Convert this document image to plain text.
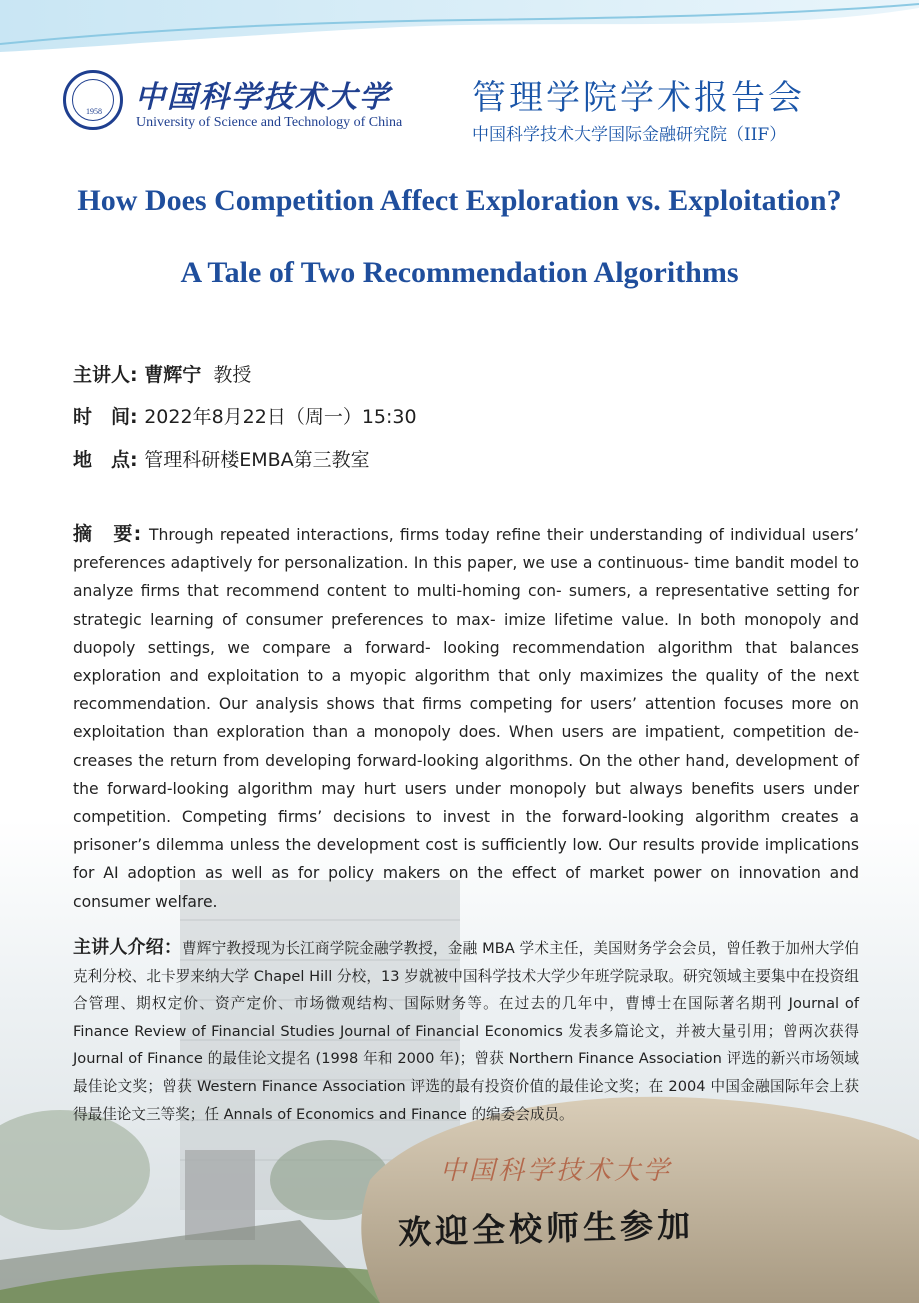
1958	中国科学技术大学
University of Science and Technology of China
管理学院学术报告会
中国科学技术大学国际金融研究院（IIF）
How Does Competition Affect Exploration vs. Exploitation?
A Tale of Two Recommendation Algorithms
主讲人: 曹辉宁 教授
时　间: 2022年8月22日（周一）15:30
地　点: 管理科研楼EMBA第三教室
摘　要: Through repeated interactions, firms today refine their understanding of individual users’ preferences adaptively for personalization. In this paper, we use a continuous- time bandit model to analyze firms that recommend content to multi-homing con- sumers, a representative setting for strategic learning of consumer preferences to max- imize lifetime value. In both monopoly and duopoly settings, we compare a forward- looking recommendation algorithm that balances exploration and exploitation to a myopic algorithm that only maximizes the quality of the next recommendation. Our analysis shows that firms competing for users’ attention focuses more on exploitation than exploration than a monopoly does. When users are impatient, competition de- creases the return from developing forward-looking algorithms. On the other hand, development of the forward-looking algorithm may hurt users under monopoly but always benefits users under competition. Competing firms’ decisions to invest in the forward-looking algorithm creates a prisoner’s dilemma unless the development cost is sufficiently low. Our results provide implications for AI adoption as well as for policy makers on the effect of market power on innovation and consumer welfare.
主讲人介绍：曹辉宁教授现为长江商学院金融学教授，金融 MBA 学术主任，美国财务学会会员，曾任教于加州大学伯克利分校、北卡罗来纳大学 Chapel Hill 分校，13 岁就被中国科学技术大学少年班学院录取。研究领域主要集中在投资组合管理、期权定价、资产定价、市场微观结构、国际财务等。在过去的几年中，曹博士在国际著名期刊 Journal of Finance Review of Financial Studies Journal of Financial Economics 发表多篇论文，并被大量引用；曾两次获得 Journal of Finance 的最佳论文提名 (1998 年和 2000 年)；曾获 Northern Finance Association 评选的新兴市场领域最佳论文奖；曾获 Western Finance Association 评选的最有投资价值的最佳论文奖；在 2004 中国金融国际年会上获得最佳论文三等奖；任 Annals of Economics and Finance 的编委会成员。
中国科学技术大学
欢迎全校师生参加
